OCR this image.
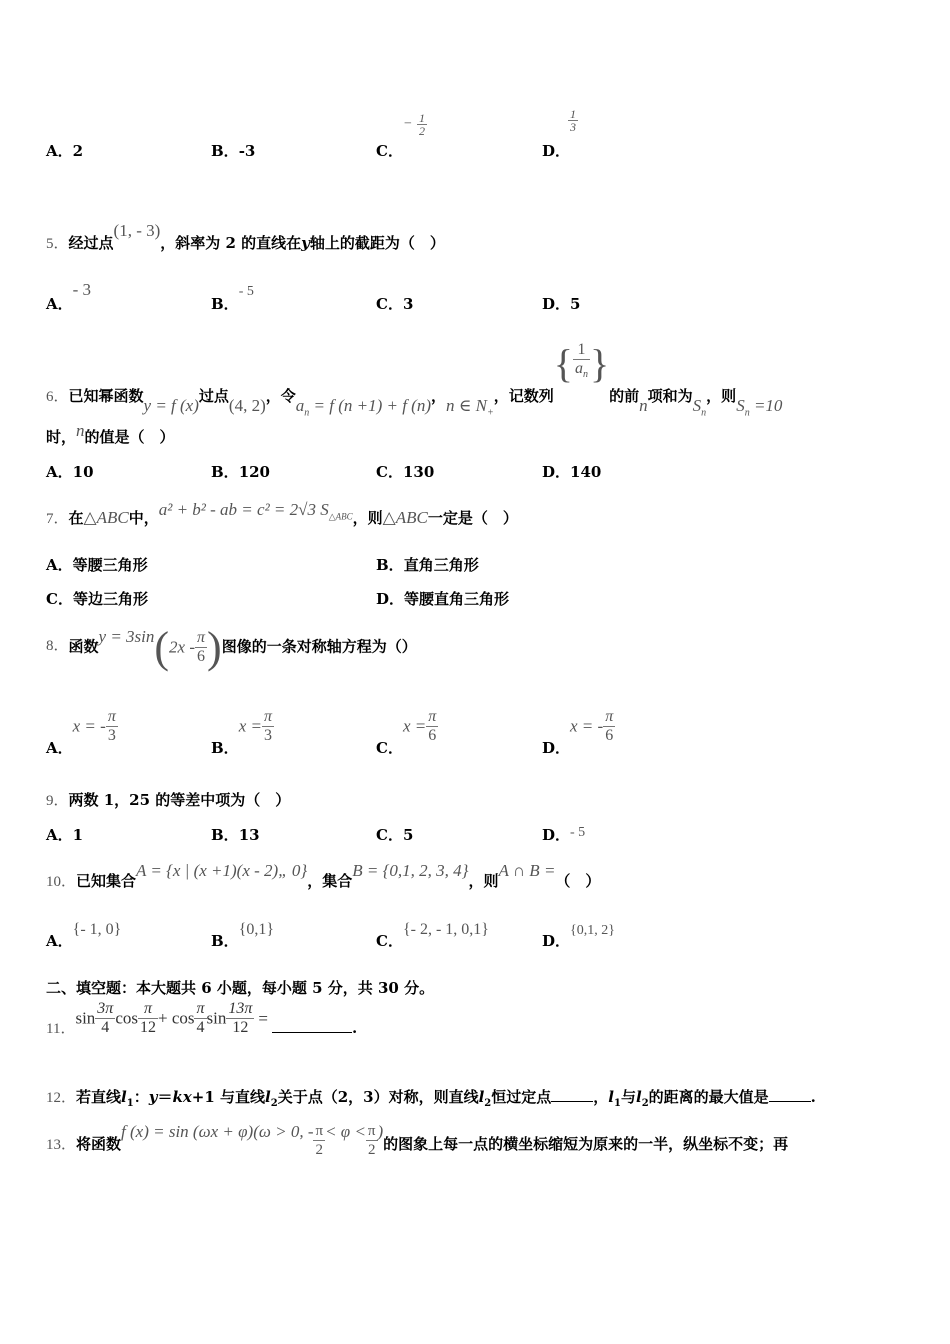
A．2	B．-3	C．
− $\frac{1}{2}$
D．
$\frac{1}{3}$
5．经过点(1, - 3)，斜率为 2 的直线在y轴上的截距为（　）
A．- 3
B．- 5
C．3	D．5
6．已知幂函数y = f (x)过点(4, 2)，令$a_n = f$ (n +1) + f (n)，n ∈ $N_+$，记数列{ $\frac{1}{a_n}$ }的前n项和为$S_n$，则$S_n =10$
时，n的值是（　）
A．10	B．120	C．130	D．140
7．在△ABC中，a² + b² - ab = c² = 2√3 $S_{\triangle ABC}$，则△ABC一定是（　）
A．等腰三角形	B．直角三角形
C．等边三角形	D．等腰直角三角形
8．函数$y = 3\sin(2x - \frac{\pi}{6}$ )图像的一条对称轴方程为（）
A．x = - $\frac{\pi}{3}$
B．$x = \frac{\pi}{3}$
C．$x = \frac{\pi}{6}$
D．x = - $\frac{\pi}{6}$
9．两数 1，25 的等差中项为（　）
A．1	B．13	C．5	D．- 5
10．已知集合A = {x | (x +1)(x - 2)„ 0}，集合B = {0,1, 2, 3, 4}，则A ∩ B =（　）
A．{- 1, 0}
B．{0,1}
C．{- 2, - 1, 0,1}
D．{0,1, 2}
二、填空题：本大题共 6 小题，每小题 5 分，共 30 分。
11．$\sin \frac{3\pi}{4}$ $\cos \frac{\pi}{12} + \cos \frac{\pi}{4}$ $\sin \frac{13\pi}{12}$ =	.
12．若直线$l_1$：y＝kx+1 与直线$l_2$关于点（2，3）对称，则直线$l_2$恒过定点	，$l_1$与$l_2$的距离的最大值是	.
13．将函数f (x) = sin (ωx + φ)(ω > 0, - $\frac{\pi}{2} < \varphi < \frac{\pi}{2}$ )的图象上每一点的横坐标缩短为原来的一半，纵坐标不变；再
